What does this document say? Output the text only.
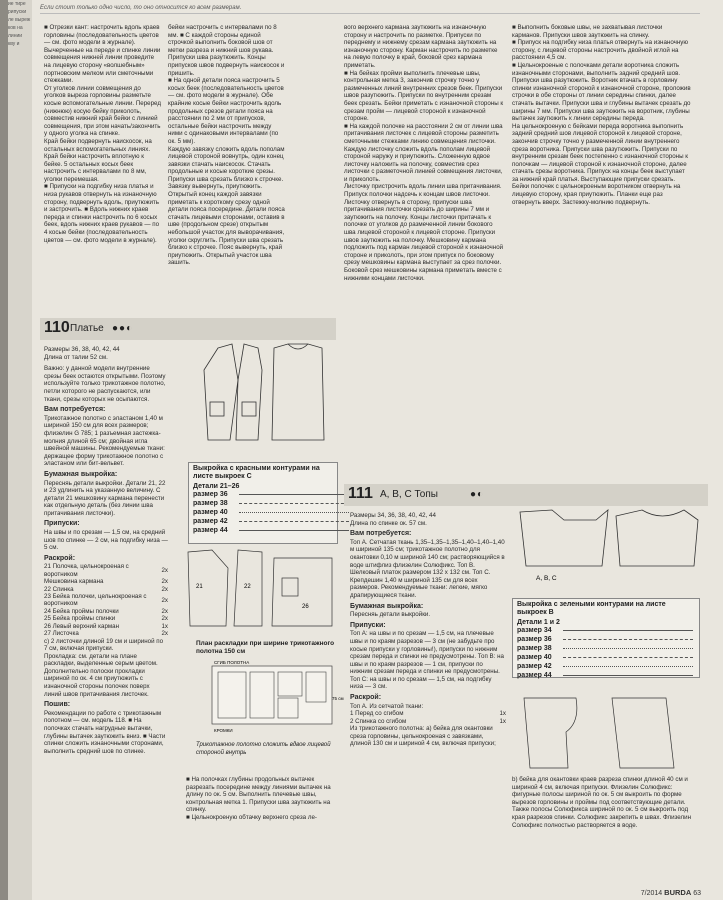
ие тире
рипуски
ле выреж
ков на
линии
кву и
Если стоит только одно число, то оно относится ко всем размерам.

■ Отрезки кант: настрочить вдоль краев горловины (последовательность цветов — см. фото модели в журнале). Вычерченные на переде и спинке линии совмещения нижней линии проведите на лицевую сторону «волшебным» портновским мелком или сметочными стежками.

От уголков линии совмещения до уголков выреза горловины разметьте косые вспомогательные линии. Переред (нижнюю) косую бейку приколоть, совместив нижний край бейки с линией совмещения, при этом начать/закончить у одного уголка на спинке.

Край бейки подвернуть наискосок, на остальных вспомогательных линиях. Край бейки настрочить вплотную к бейке. 5 остальных косых беек настрочить с интервалами по 8 мм, уголки перемешая.

■ Припуски на подгибку низа платья и низа рукавов отвернуть на изнаночную сторону, подвернуть вдоль, приутюжить и застрочить. ■ Вдоль нижних краев переда и спинки настрочить по 6 косых беек, вдоль нижних краев рукавов — по 4 косые бейки (последовательность цветов — см. фото модели в журнале).

бейки настрочить с интервалами по 8 мм. ■ С каждой стороны единой строчкой выполнить боковой шов от метки разреза и нижний шов рукава. Припуски шва разутюжить. Концы припусков швов подвернуть наискосок и пришить.

■ На одной детали пояса настрочить 5 косых беек (последовательность цветов — см. фото модели в журнале). Обе крайние косые бейки настрочить вдоль продольных срезов детали пояса на расстоянии по 2 мм от припусков, остальные бейки настрочить между ними с одинаковыми интервалами (по ок. 5 мм).

Каждую завязку сложить вдоль пополам лицевой стороной вовнутрь, один конец завязки стачать наискосок. Стачать продольные и косые короткие срезы. Припуски шва срезать близко к строчке. Завязку вывернуть, приутюжить.

Открытый конец каждой завязки приметать к короткому срезу одной детали пояса посередине. Детали пояса стачать лицевыми сторонами, оставив в шве (продольном срезе) открытым небольшой участок для выворачивания, уголки скруглить. Припуски шва срезать близко к строчке. Пояс вывернуть, край приутюжить. Открытый участок шва зашить.

вого верхнего кармана заутюжить на изнаночную сторону и настрочить по разметке. Припуски по переднему и нижнему срезам кармана заутюжить на изнаночную сторону. Карман настрочить по разметке на левую полочку в край, боковой срез кармана приметать.

■ На бейках пройми выполнить плечевые швы, контрольная метка 3, закончив строчку точно у размеченных линий внутренних срезов беек. Припуски швов разутюжить. Припуски по внутренним срезам беек срезать. Бейки приметать с изнаночной стороны к срезам пройм — лицевой стороной к изнаночной стороне.

■ На каждой полочке на расстоянии 2 см от линии шва притачивания листочек с лицевой стороны разметить сметочными стежками линию совмещения листочки. Каждую листочку сложить вдоль пополам лицевой стороной наружу и приутюжить. Сложенную вдвое листочку наложить на полочку, совместив срез листочки с разметочной линией совмещения листочки, и приколоть.

Листочку пристрочить вдоль линии шва притачивания. Припуск полочки надсечь к концам швов листочки. Листочку отвернуть в сторону, припуски шва притачивания листочки срезать до ширины 7 мм и заутюжить на полочку. Концы листочки притачать к полочке от уголков до размеченной линии бокового шва лицевой стороной к лицевой стороне. Припуски швов заутюжить на полочку. Мешковину кармана подложить под карман лицевой стороной к изнаночной стороне и приколоть, при этом припуск по боковому срезу мешковины кармана выступает за срез полочки. Боковой срез мешковины кармана приметать вместе с нижними концами листочки.

■ Выполнить боковые швы, не захватывая листочки карманов. Припуски швов заутюжить на спинку.

■ Припуск на подгибку низа платья отвернуть на изнаночную сторону, с лицевой стороны настрочить двойной иглой на расстоянии 4,5 см.

■ Цельнокроеные с полочками детали воротника сложить изнаночными сторонами, выполнить задний средний шов. Припуски шва разутюжить. Воротник втачать в горловину спинки изнаночной стороной к изнаночной стороне, проложив строчки в обе стороны от линии середины спинки, далее стачать вытачки. Припуски шва и глубины вытачек срезать до ширины 7 мм. Припуски шва заутюжить на воротник, глубины вытачек заутюжить к линии середины переда.

На цельнокроеную с бейками переда воротника выполнить задний средний шов лицевой стороной к лицевой стороне, закончив строчку точно у размеченной линии внутреннего среза воротника. Припуски шва разутюжить. Припуски по внутренним срезам беек постепенно с изнаночной стороны к полочкам — лицевой стороной к изнаночной стороне, далее стачать срезы воротника. Припуск на концы беек выступает за нижний край платья. Выступающие припуски срезать. Бейки полочек с цельнокроеным воротником отвернуть на лицевую сторону, края приутюжить. Планки еще раз отвернуть вверх. Застежку-молнию подвернуть.

110 Платье ●●◐

Размеры 36, 38, 40, 42, 44

Длина от талии 52 см.

Важно: у данной модели внутренние срезы беек остаются открытыми. Поэтому используйте только трикотажное полотно, петли которого не распускаются, или ткани, срезы которых не осыпаются.

Вам потребуется:

Трикотажное полотно с эластаном 1,40 м шириной 150 см для всех размеров; флизелин G 785; 1 разъемная застежка-молния длиной 65 см; двойная игла швейной машины. Рекомендуемые ткани: держащее форму трикотажное полотно с эластаном или бит-вельвет.

Бумажная выкройка:

Пересняь детали выкройки. Детали 21, 22 и 23 удлинить на указанную величину. С детали 21 мешковину кармана перенести как отдельную деталь (без линии шва притачивания листочки).

Припуски:

На швы и по срезам — 1,5 см, на средний шов по спинке — 2 см, на подгибку низа — 5 см.

Раскрой:
21 Полочка, цельнокроеная с воротником	2х
Мешковина кармана	2х
22 Спинка	2х
23 Бейка полочки, цельнокроеная с воротником	2х
24 Бейка проймы полочки	2х
25 Бейка проймы спинки	2х
26 Левый верхний карман	1х
27 Листочка	2х

с) 2 листочки длиной 19 см и шириной по 7 см, включая припуски.

Прокладка: см. детали на плане раскладки, выделенные серым цветом. Дополнительно полоски прокладки шириной по ок. 4 см приутюжить с изнаночной стороны полочек поверх линий швов притачивания листочек.

Пошив:

Рекомендации по работе с трикотажным полотном — см. модель 118. ■ На полочках стачать нагрудные вытачки, глубины вытачек заутюжить вниз. ■ Части спинки сложить изнаночными сторонами, выполнить средний шов по спинке.

Выкройка с красными контурами на листе выкроек С
Детали 21–26
размер 36
размер 38
размер 40
размер 42
размер 44
21	22
26
План раскладки при ширине трикотажного полотна 150 см
СГИБ ПОЛОТНА
КРОМКИ
75 см
Трикотажное полотно сложить вдвое лицевой стороной внутрь

■ На полочках глубины продольных вытачек разрезать посередине между линиями вытачек на длину по ок. 5 см. Выполнить плечевые швы, контрольная метка 1. Припуски шва заутюжить на спинку.

■ Цельнокроеную обтачку верхнего среза ле-

111 А, В, С Топы	●◐

Размеры 34, 36, 38, 40, 42, 44

Длина по спинке ок. 57 см.

Вам потребуется:

Топ А. Сетчатая ткань 1,35–1,35–1,35–1,40–1,40–1,40 м шириной 135 см; трикотажное полотно для окантовки 0,10 м шириной 140 см; растворяющийся в воде штифлиз флизелин Солюфикс. Топ В. Шелковый платок размером 132 x 132 см. Топ С. Крепдешин 1,40 м шириной 135 см для всех размеров. Рекомендуемые ткани: легкие, мягко драпирующиеся ткани.

Бумажная выкройка:

Пересняь детали выкройки.

Припуски:

Топ А: на швы и по срезам — 1,5 см, на плечевые швы и по краям разрезов — 3 см (не забудьте про косые припуски у горловины!), припуски по нижним срезам переда и спинки не предусмотрены. Топ В: на швы и по краям разрезов — 1 см, припуски по нижним срезам переда и спинки не предусмотрены. Топ С: на швы и по срезам — 1,5 см, на подгибку низа — 3 см.

Раскрой:

Топ А. Из сетчатой ткани:

1 Перед со сгибом	1х
2 Спинка со сгибом	1х

Из трикотажного полотна: а) бейка для окантовки среза горловины, цельнокроеная с завязками, длиной 130 см и шириной 4 см, включая припуски;

А, В, С
Выкройка с зелеными контурами на листе выкроек В
Детали 1 и 2
размер 34
размер 36
размер 38
размер 40
размер 42
размер 44

b) бейка для окантовки краев разреза спинки длиной 40 см и шириной 4 см, включая припуски. Флизелин Солюфикс: фигурные полосы шириной по ок. 5 см выкроить по форме вырезов горловины и проймы под соответствующие детали. Также полосы Солюфикса шириной по ок. 5 см выкроить под края разрезов спинки. Солюфикс закрепить в швах. Флизелин Солюфикс полностью растворяется в воде.

7/2014 BURDA 63
